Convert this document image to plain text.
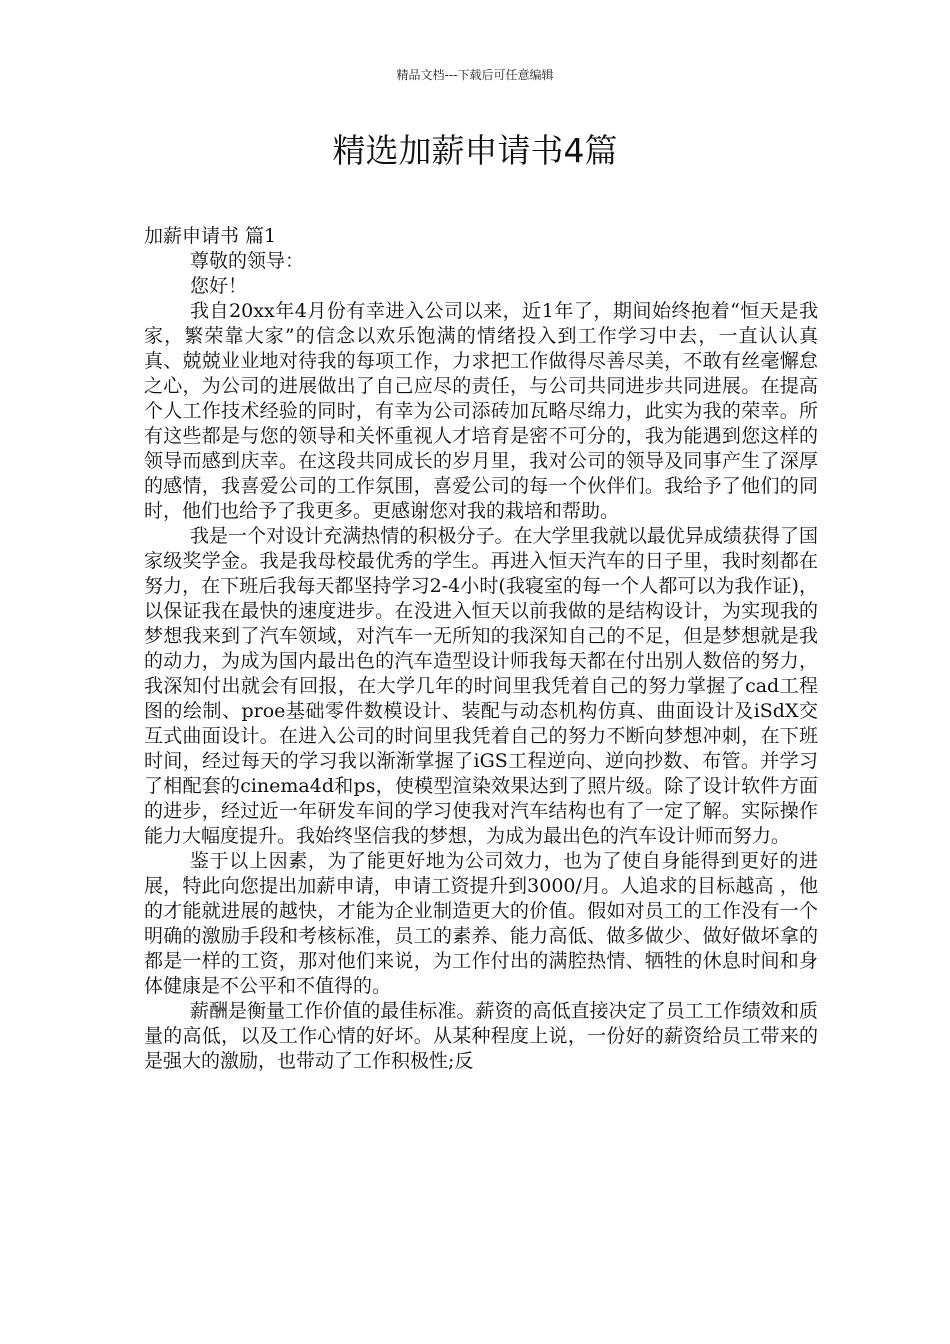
精品文档---下载后可任意编辑
精选加薪申请书4篇

加薪申请书 篇1

尊敬的领导：

您好！

我自20xx年4月份有幸进入公司以来，近1年了，期间始终抱着“恒天是我家，繁荣靠大家”的信念以欢乐饱满的情绪投入到工作学习中去，一直认认真真、兢兢业业地对待我的每项工作，力求把工作做得尽善尽美，不敢有丝毫懈怠之心，为公司的进展做出了自己应尽的责任，与公司共同进步共同进展。在提高个人工作技术经验的同时，有幸为公司添砖加瓦略尽绵力，此实为我的荣幸。所有这些都是与您的领导和关怀重视人才培育是密不可分的，我为能遇到您这样的领导而感到庆幸。在这段共同成长的岁月里，我对公司的领导及同事产生了深厚的感情，我喜爱公司的工作氛围，喜爱公司的每一个伙伴们。我给予了他们的同时，他们也给予了我更多。更感谢您对我的栽培和帮助。

我是一个对设计充满热情的积极分子。在大学里我就以最优异成绩获得了国家级奖学金。我是我母校最优秀的学生。再进入恒天汽车的日子里，我时刻都在努力，在下班后我每天都坚持学习2-4小时(我寝室的每一个人都可以为我作证)，以保证我在最快的速度进步。在没进入恒天以前我做的是结构设计，为实现我的梦想我来到了汽车领域，对汽车一无所知的我深知自己的不足，但是梦想就是我的动力，为成为国内最出色的汽车造型设计师我每天都在付出别人数倍的努力，我深知付出就会有回报，在大学几年的时间里我凭着自己的努力掌握了cad工程图的绘制、proe基础零件数模设计、装配与动态机构仿真、曲面设计及iSdX交互式曲面设计。在进入公司的时间里我凭着自己的努力不断向梦想冲刺，在下班时间，经过每天的学习我以渐渐掌握了iGS工程逆向、逆向抄数、布管。并学习了相配套的cinema4d和ps，使模型渲染效果达到了照片级。除了设计软件方面的进步，经过近一年研发车间的学习使我对汽车结构也有了一定了解。实际操作能力大幅度提升。我始终坚信我的梦想，为成为最出色的汽车设计师而努力。

鉴于以上因素，为了能更好地为公司效力，也为了使自身能得到更好的进展，特此向您提出加薪申请，申请工资提升到3000/月。人追求的目标越高 ，他的才能就进展的越快，才能为企业制造更大的价值。假如对员工的工作没有一个明确的激励手段和考核标准，员工的素养、能力高低、做多做少、做好做坏拿的都是一样的工资，那对他们来说，为工作付出的满腔热情、牺牲的休息时间和身体健康是不公平和不值得的。

薪酬是衡量工作价值的最佳标准。薪资的高低直接决定了员工工作绩效和质量的高低，以及工作心情的好坏。从某种程度上说，一份好的薪资给员工带来的是强大的激励，也带动了工作积极性;反
